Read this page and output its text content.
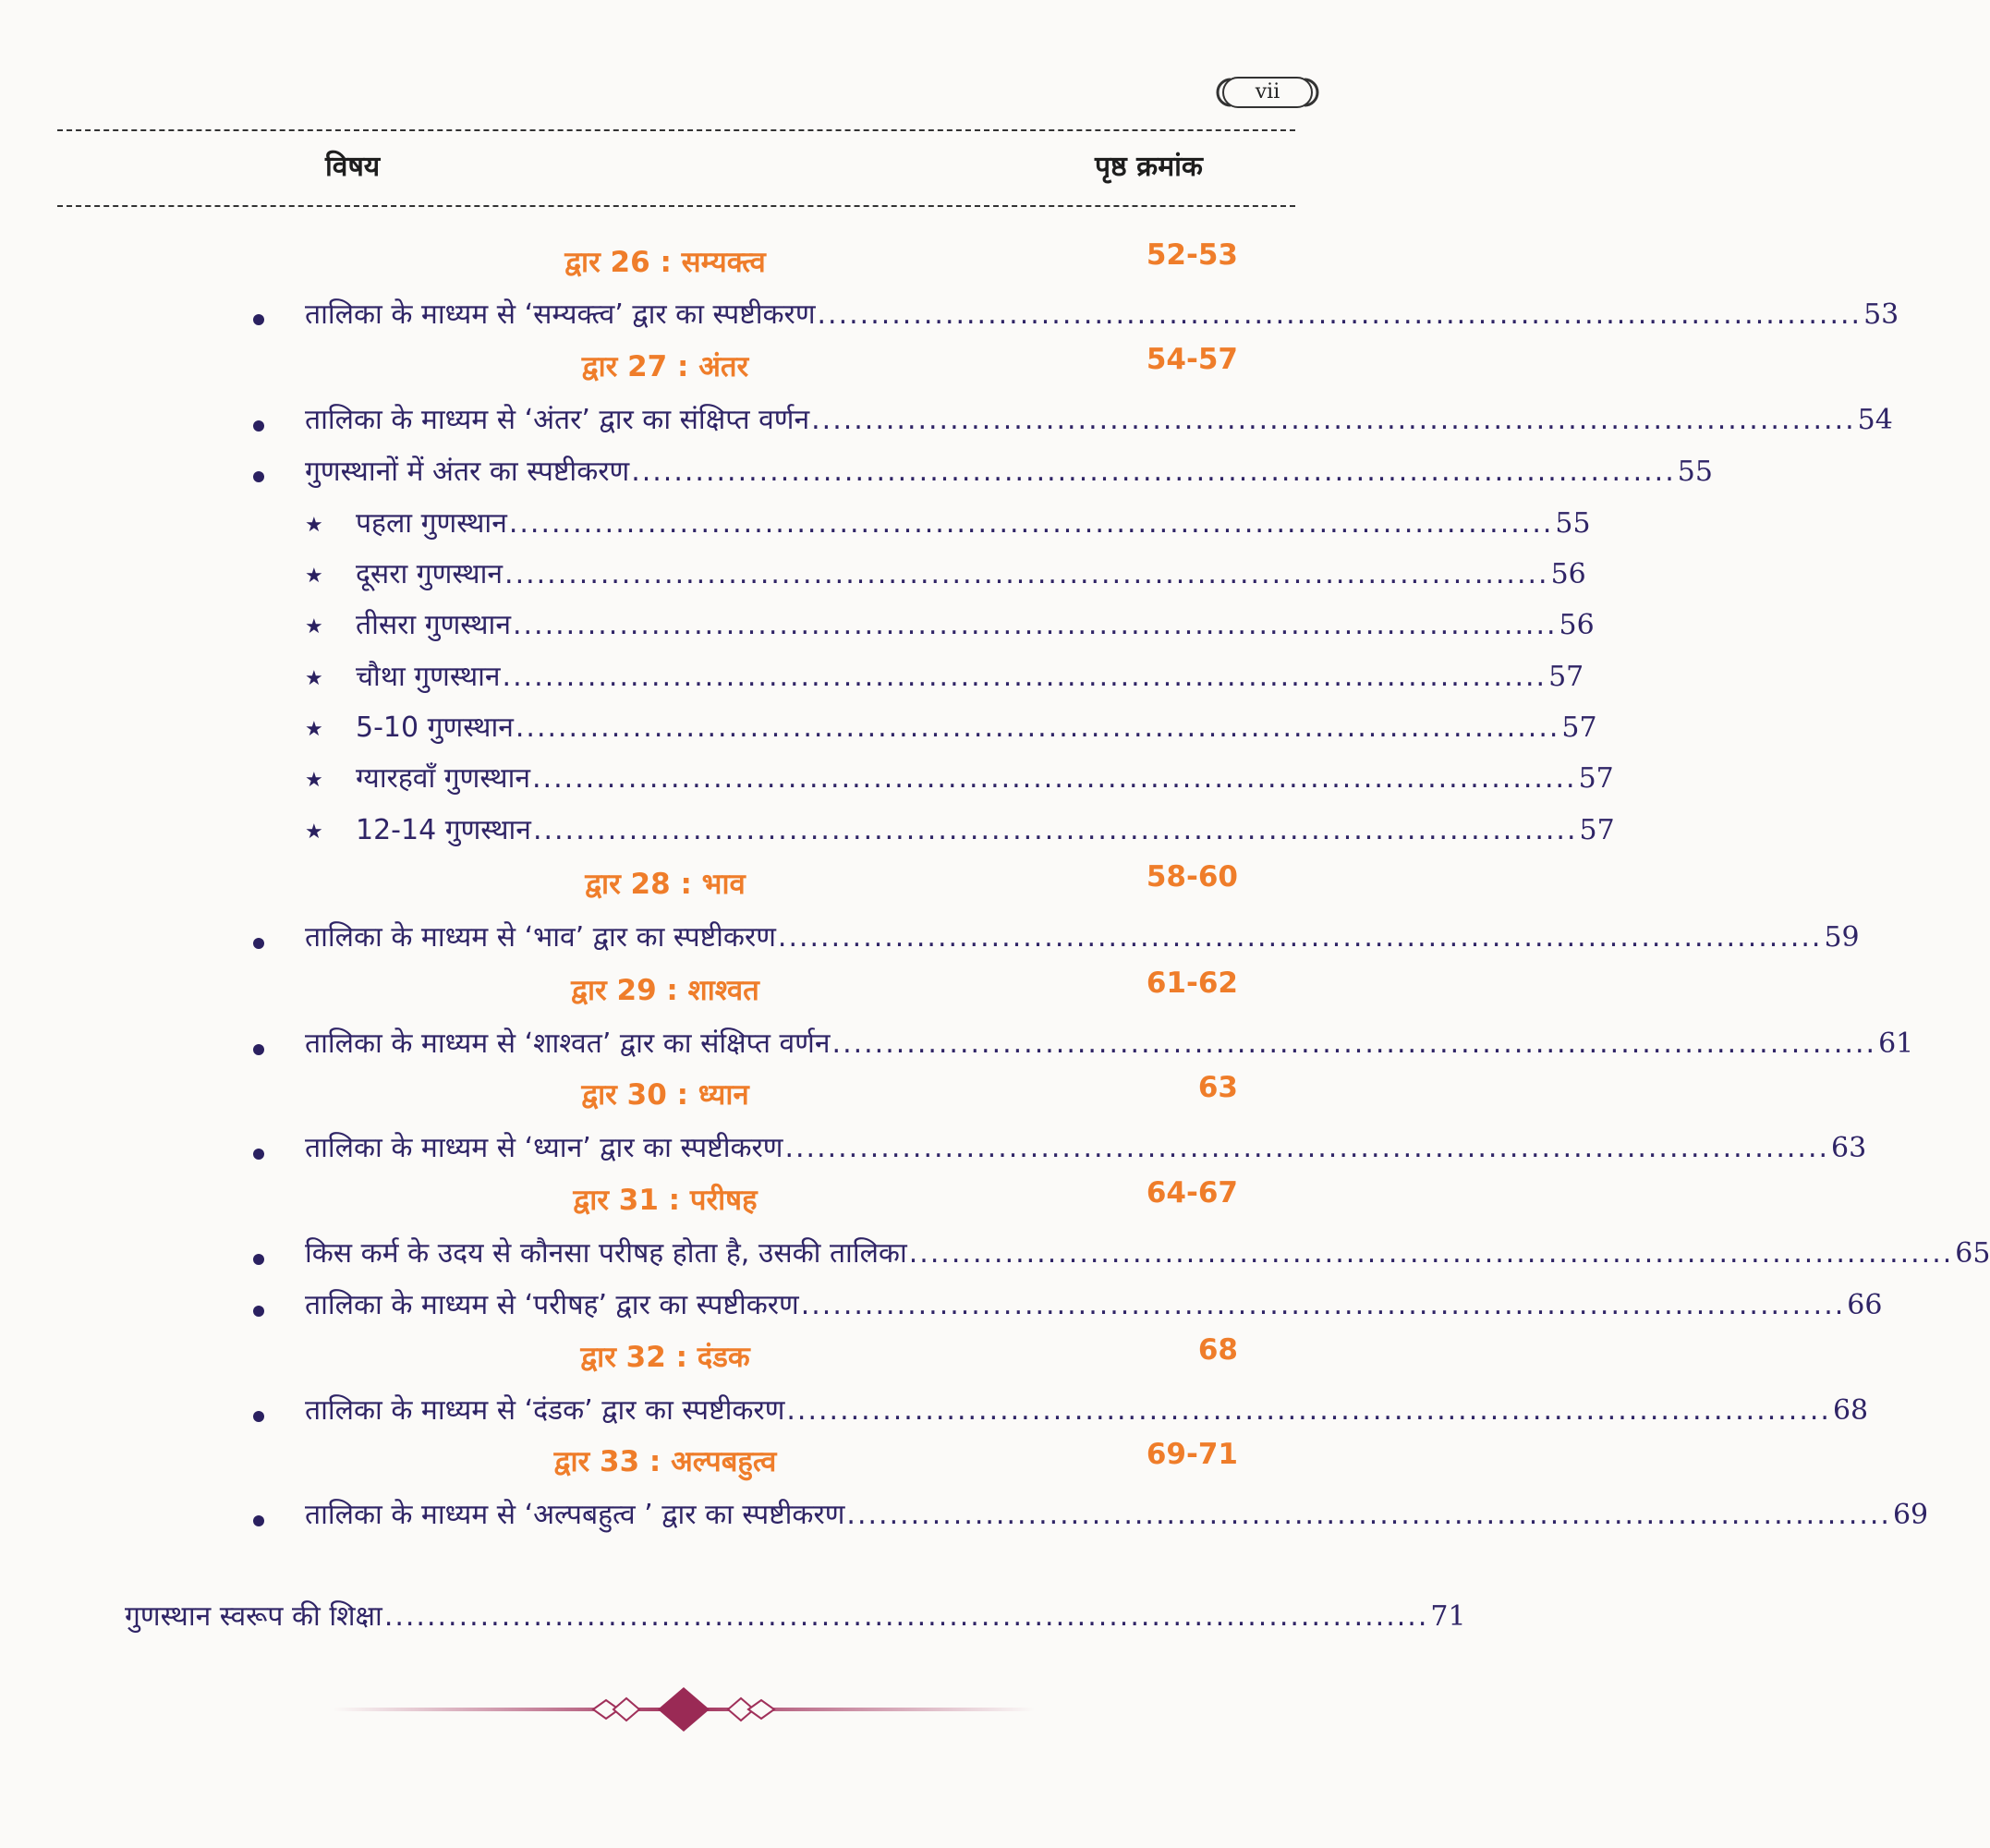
vii
विषय	पृष्ठ क्रमांक
द्वार 26 : सम्यक्त्व	52-53
तालिका के माध्यम से ‘सम्यक्त्व’ द्वार का स्पष्टीकरण .................................................................................................. 53
द्वार 27 : अंतर	54-57
तालिका के माध्यम से ‘अंतर’ द्वार का संक्षिप्त वर्णन .................................................................................................. 54
गुणस्थानों में अंतर का स्पष्टीकरण .................................................................................................. 55
★ पहला गुणस्थान .................................................................................................. 55
★ दूसरा गुणस्थान .................................................................................................. 56
★ तीसरा गुणस्थान .................................................................................................. 56
★ चौथा गुणस्थान .................................................................................................. 57
★ 5-10 गुणस्थान .................................................................................................. 57
★ ग्यारहवाँ गुणस्थान .................................................................................................. 57
★ 12-14 गुणस्थान .................................................................................................. 57
द्वार 28 : भाव	58-60
तालिका के माध्यम से ‘भाव’ द्वार का स्पष्टीकरण .................................................................................................. 59
द्वार 29 : शाश्वत	61-62
तालिका के माध्यम से ‘शाश्वत’ द्वार का संक्षिप्त वर्णन .................................................................................................. 61
द्वार 30 : ध्यान	63
तालिका के माध्यम से ‘ध्यान’ द्वार का स्पष्टीकरण .................................................................................................. 63
द्वार 31 : परीषह	64-67
किस कर्म के उदय से कौनसा परीषह होता है, उसकी तालिका .................................................................................................. 65
तालिका के माध्यम से ‘परीषह’ द्वार का स्पष्टीकरण .................................................................................................. 66
द्वार 32 : दंडक	68
तालिका के माध्यम से ‘दंडक’ द्वार का स्पष्टीकरण .................................................................................................. 68
द्वार 33 : अल्पबहुत्व	69-71
तालिका के माध्यम से ‘अल्पबहुत्व ’ द्वार का स्पष्टीकरण .................................................................................................. 69
गुणस्थान स्वरूप की शिक्षा .................................................................................................. 71
